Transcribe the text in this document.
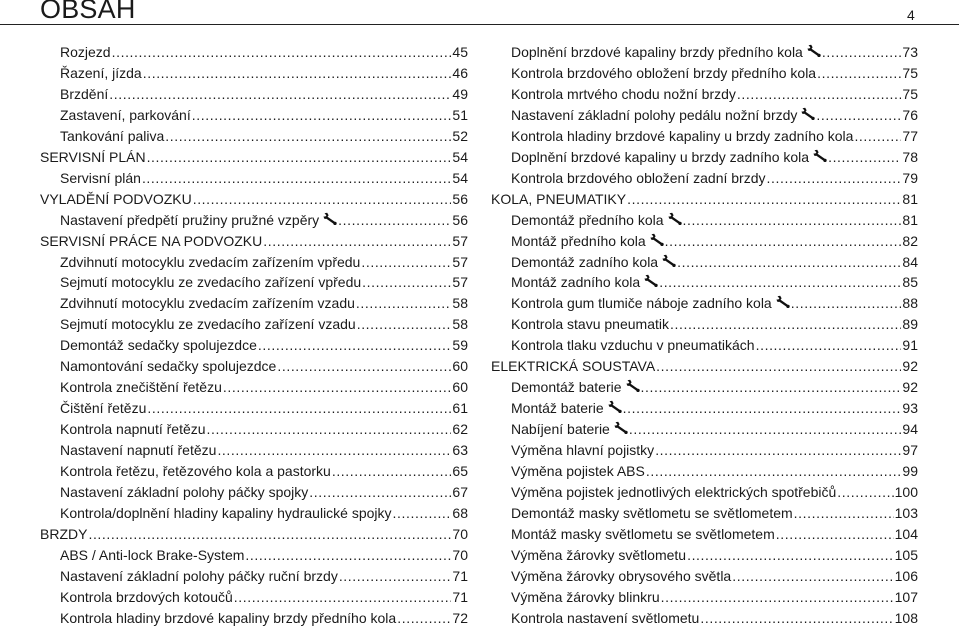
OBSAH	4
Rozjezd .....	45
Řazení, jízda .....	46
Brzdění .....	49
Zastavení, parkování .....	51
Tankování paliva .....	52
SERVISNÍ PLÁN .....	54
Servisní plán .....	54
VYLADĚNÍ PODVOZKU .....	56
Nastavení předpětí pružiny pružné vzpěry .....	56
SERVISNÍ PRÁCE NA PODVOZKU .....	57
Zdvihnutí motocyklu zvedacím zařízením vpředu .....	57
Sejmutí motocyklu ze zvedacího zařízení vpředu .....	57
Zdvihnutí motocyklu zvedacím zařízením vzadu .....	58
Sejmutí motocyklu ze zvedacího zařízení vzadu .....	58
Demontáž sedačky spolujezdce .....	59
Namontování sedačky spolujezdce .....	60
Kontrola znečištění řetězu .....	60
Čištění řetězu .....	61
Kontrola napnutí řetězu .....	62
Nastavení napnutí řetězu .....	63
Kontrola řetězu, řetězového kola a pastorku .....	65
Nastavení základní polohy páčky spojky .....	67
Kontrola/doplnění hladiny kapaliny hydraulické spojky .....	68
BRZDY .....	70
ABS / Anti-lock Brake-System .....	70
Nastavení základní polohy páčky ruční brzdy .....	71
Kontrola brzdových kotoučů .....	71
Kontrola hladiny brzdové kapaliny brzdy předního kola .....	72
Doplnění brzdové kapaliny brzdy předního kola .....	73
Kontrola brzdového obložení brzdy předního kola .....	75
Kontrola mrtvého chodu nožní brzdy .....	75
Nastavení základní polohy pedálu nožní brzdy .....	76
Kontrola hladiny brzdové kapaliny u brzdy zadního kola .....	77
Doplnění brzdové kapaliny u brzdy zadního kola .....	78
Kontrola brzdového obložení zadní brzdy .....	79
KOLA, PNEUMATIKY .....	81
Demontáž předního kola .....	81
Montáž předního kola .....	82
Demontáž zadního kola .....	84
Montáž zadního kola .....	85
Kontrola gum tlumiče náboje zadního kola .....	88
Kontrola stavu pneumatik .....	89
Kontrola tlaku vzduchu v pneumatikách .....	91
ELEKTRICKÁ SOUSTAVA .....	92
Demontáž baterie .....	92
Montáž baterie .....	93
Nabíjení baterie .....	94
Výměna hlavní pojistky .....	97
Výměna pojistek ABS .....	99
Výměna pojistek jednotlivých elektrických spotřebičů .....	100
Demontáž masky světlometu se světlometem .....	103
Montáž masky světlometu se světlometem .....	104
Výměna žárovky světlometu .....	105
Výměna žárovky obrysového světla .....	106
Výměna žárovky blinkru .....	107
Kontrola nastavení světlometu .....	108
